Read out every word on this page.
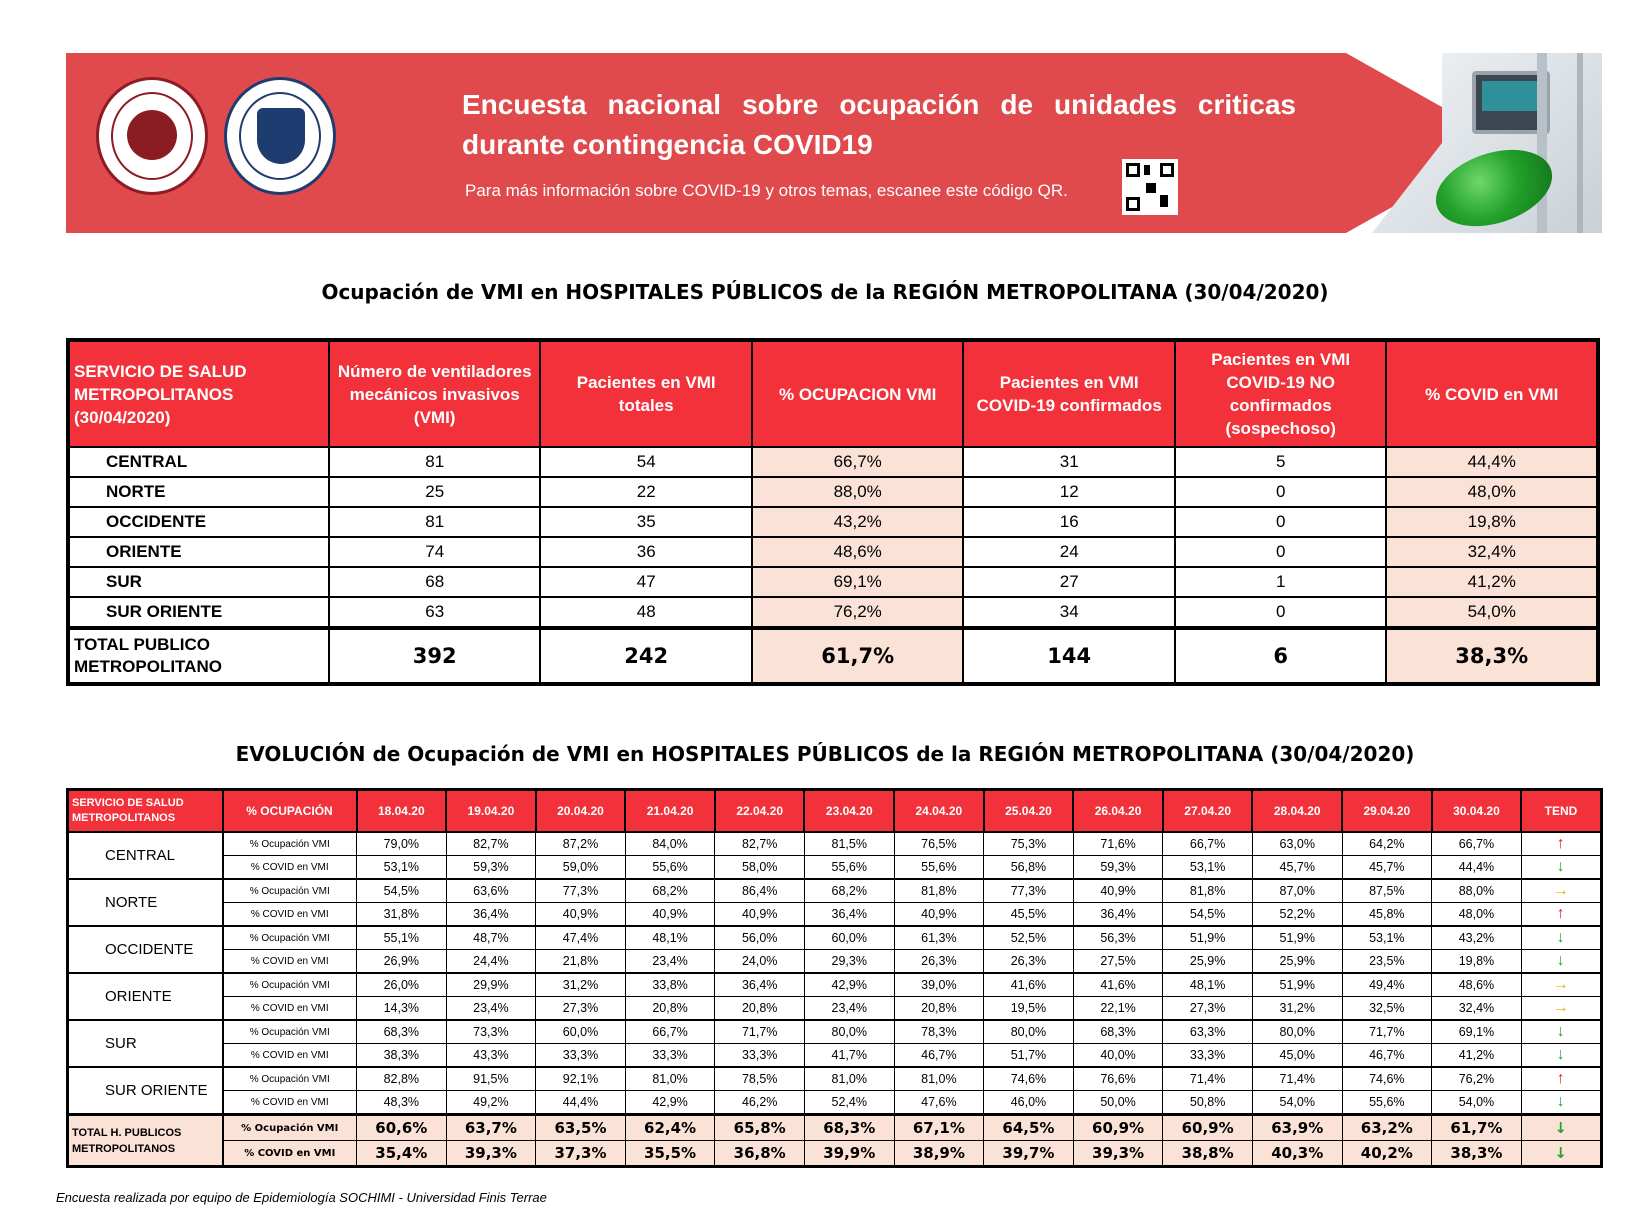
Encuesta nacional sobre ocupación de unidades criticas durante contingencia COVID19
Para más información sobre COVID-19 y otros temas, escanee este código QR.
Ocupación de VMI en HOSPITALES PÚBLICOS de la REGIÓN METROPOLITANA (30/04/2020)
SERVICIO DE SALUD METROPOLITANOS (30/04/2020)	Número de ventiladores mecánicos invasivos (VMI)	Pacientes en VMI totales	% OCUPACION VMI	Pacientes en VMI COVID-19 confirmados	Pacientes en VMI COVID-19 NO confirmados (sospechoso)	% COVID en VMI
CENTRAL	81	54	66,7%	31	5	44,4%
NORTE	25	22	88,0%	12	0	48,0%
OCCIDENTE	81	35	43,2%	16	0	19,8%
ORIENTE	74	36	48,6%	24	0	32,4%
SUR	68	47	69,1%	27	1	41,2%
SUR ORIENTE	63	48	76,2%	34	0	54,0%
TOTAL PUBLICO METROPOLITANO	392	242	61,7%	144	6	38,3%
EVOLUCIÓN de Ocupación de VMI en HOSPITALES PÚBLICOS de la REGIÓN METROPOLITANA (30/04/2020)
SERVICIO DE SALUD METROPOLITANOS	% OCUPACIÓN	18.04.20	19.04.20	20.04.20	21.04.20	22.04.20	23.04.20	24.04.20	25.04.20	26.04.20	27.04.20	28.04.20	29.04.20	30.04.20	TEND
CENTRAL	% Ocupación VMI	79,0%	82,7%	87,2%	84,0%	82,7%	81,5%	76,5%	75,3%	71,6%	66,7%	63,0%	64,2%	66,7%	↑
	% COVID en VMI	53,1%	59,3%	59,0%	55,6%	58,0%	55,6%	55,6%	56,8%	59,3%	53,1%	45,7%	45,7%	44,4%	↓
NORTE	% Ocupación VMI	54,5%	63,6%	77,3%	68,2%	86,4%	68,2%	81,8%	77,3%	40,9%	81,8%	87,0%	87,5%	88,0%	→
	% COVID en VMI	31,8%	36,4%	40,9%	40,9%	40,9%	36,4%	40,9%	45,5%	36,4%	54,5%	52,2%	45,8%	48,0%	↑
OCCIDENTE	% Ocupación VMI	55,1%	48,7%	47,4%	48,1%	56,0%	60,0%	61,3%	52,5%	56,3%	51,9%	51,9%	53,1%	43,2%	↓
	% COVID en VMI	26,9%	24,4%	21,8%	23,4%	24,0%	29,3%	26,3%	26,3%	27,5%	25,9%	25,9%	23,5%	19,8%	↓
ORIENTE	% Ocupación VMI	26,0%	29,9%	31,2%	33,8%	36,4%	42,9%	39,0%	41,6%	41,6%	48,1%	51,9%	49,4%	48,6%	→
	% COVID en VMI	14,3%	23,4%	27,3%	20,8%	20,8%	23,4%	20,8%	19,5%	22,1%	27,3%	31,2%	32,5%	32,4%	→
SUR	% Ocupación VMI	68,3%	73,3%	60,0%	66,7%	71,7%	80,0%	78,3%	80,0%	68,3%	63,3%	80,0%	71,7%	69,1%	↓
	% COVID en VMI	38,3%	43,3%	33,3%	33,3%	33,3%	41,7%	46,7%	51,7%	40,0%	33,3%	45,0%	46,7%	41,2%	↓
SUR ORIENTE	% Ocupación VMI	82,8%	91,5%	92,1%	81,0%	78,5%	81,0%	81,0%	74,6%	76,6%	71,4%	71,4%	74,6%	76,2%	↑
	% COVID en VMI	48,3%	49,2%	44,4%	42,9%	46,2%	52,4%	47,6%	46,0%	50,0%	50,8%	54,0%	55,6%	54,0%	↓
TOTAL H. PUBLICOS METROPOLITANOS	% Ocupación VMI	60,6%	63,7%	63,5%	62,4%	65,8%	68,3%	67,1%	64,5%	60,9%	60,9%	63,9%	63,2%	61,7%	↓
	% COVID en VMI	35,4%	39,3%	37,3%	35,5%	36,8%	39,9%	38,9%	39,7%	39,3%	38,8%	40,3%	40,2%	38,3%	↓
Encuesta realizada por equipo de Epidemiología SOCHIMI - Universidad Finis Terrae
